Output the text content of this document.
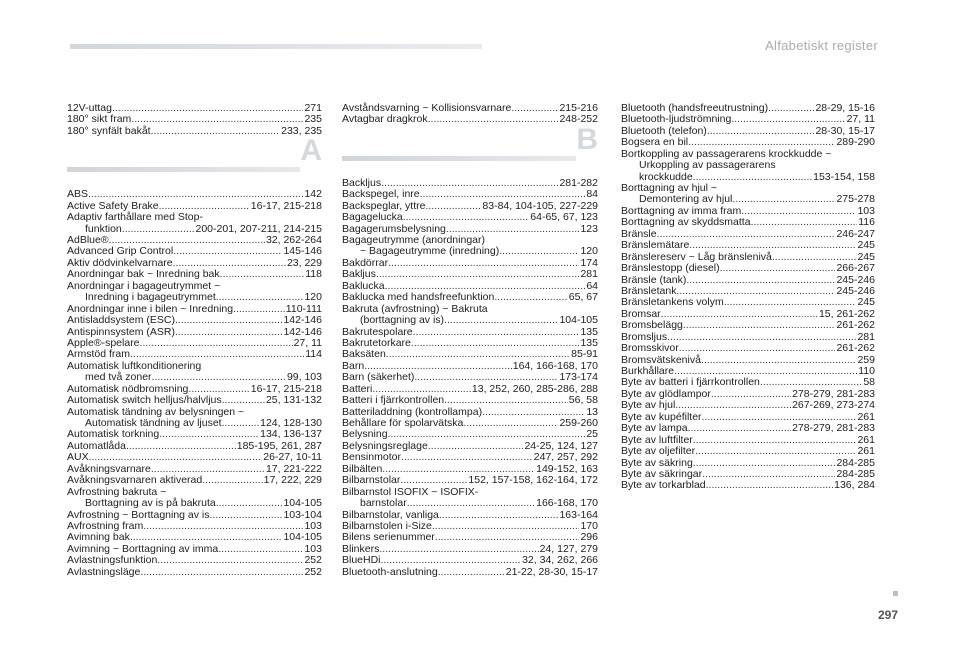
Alfabetiskt register
12V-uttag .....	271
180° sikt fram .....	235
180° synfält bakåt .....	233, 235
A
ABS .....	142
Active Safety Brake .....	16-17, 215-218
Adaptiv farthållare med Stop-
funktion .....	200-201, 207-211, 214-215
AdBlue® .....	32, 262-264
Advanced Grip Control .....	145-146
Aktiv dödvinkelvarnare .....	23, 229
Anordningar bak ~ Inredning bak .....	118
Anordningar i bagageutrymmet ~
Inredning i bagageutrymmet .....	120
Anordningar inne i bilen ~ Inredning .....	110-111
Antisladdsystem (ESC) .....	142-146
Antispinnsystem (ASR) .....	142-146
Apple®-spelare .....	27, 11
Armstöd fram .....	114
Automatisk luftkonditionering
med två zoner .....	99, 103
Automatisk nödbromsning .....	16-17, 215-218
Automatisk switch helljus/halvljus .....	25, 131-132
Automatisk tändning av belysningen ~
Automatisk tändning av ljuset .....	124, 128-130
Automatisk torkning .....	134, 136-137
Automatlåda .....	185-195, 261, 287
AUX .....	26-27, 10-11
Avåkningsvarnare .....	17, 221-222
Avåkningsvarnaren aktiverad .....	17, 222, 229
Avfrostning bakruta ~
Borttagning av is på bakruta .....	104-105
Avfrostning ~ Borttagning av is .....	103-104
Avfrostning fram .....	103
Avimning bak .....	104-105
Avimning ~ Borttagning av imma .....	103
Avlastningsfunktion .....	252
Avlastningsläge .....	252
Avståndsvarning ~ Kollisionsvarnare .....	215-216
Avtagbar dragkrok .....	248-252
B
Backljus .....	281-282
Backspegel, inre .....	84
Backspeglar, yttre .....	83-84, 104-105, 227-229
Bagagelucka .....	64-65, 67, 123
Bagagerumsbelysning .....	123
Bagageutrymme (anordningar)
~ Bagageutrymme (inredning) .....	120
Bakdörrar .....	174
Bakljus .....	281
Baklucka .....	64
Baklucka med handsfreefunktion .....	65, 67
Bakruta (avfrostning) ~ Bakruta
(borttagning av is) .....	104-105
Bakrutespolare .....	135
Bakrutetorkare .....	135
Baksäten .....	85-91
Barn .....	164, 166-168, 170
Barn (säkerhet) .....	173-174
Batteri .....	13, 252, 260, 285-286, 288
Batteri i fjärrkontrollen .....	56, 58
Batteriladdning (kontrollampa) .....	13
Behållare för spolarvätska .....	259-260
Belysning .....	25
Belysningsreglage .....	24-25, 124, 127
Bensinmotor .....	247, 257, 292
Bilbälten .....	149-152, 163
Bilbarnstolar .....	152, 157-158, 162-164, 172
Bilbarnstol ISOFIX ~ ISOFIX-
barnstolar .....	166-168, 170
Bilbarnstolar, vanliga .....	163-164
Bilbarnstolen i-Size .....	170
Bilens serienummer .....	296
Blinkers .....	24, 127, 279
BlueHDi .....	32, 34, 262, 266
Bluetooth-anslutning .....	21-22, 28-30, 15-17
Bluetooth (handsfreeutrustning) .....	28-29, 15-16
Bluetooth-ljudströmning .....	27, 11
Bluetooth (telefon) .....	28-30, 15-17
Bogsera en bil .....	289-290
Bortkoppling av passagerarens krockkudde ~
Urkoppling av passagerarens
krockkudde .....	153-154, 158
Borttagning av hjul ~
Demontering av hjul .....	275-278
Borttagning av imma fram .....	103
Borttagning av skyddsmatta .....	116
Bränsle .....	246-247
Bränslemätare .....	245
Bränslereserv ~ Låg bränslenivå .....	245
Bränslestopp (diesel) .....	266-267
Bränsle (tank) .....	245-246
Bränsletank .....	245-246
Bränsletankens volym .....	245
Bromsar .....	15, 261-262
Bromsbelägg .....	261-262
Bromsljus .....	281
Bromsskivor .....	261-262
Bromsvätskenivå .....	259
Burkhållare .....	110
Byte av batteri i fjärrkontrollen .....	58
Byte av glödlampor .....	278-279, 281-283
Byte av hjul .....	267-269, 273-274
Byte av kupéfilter .....	261
Byte av lampa .....	278-279, 281-283
Byte av luftfilter .....	261
Byte av oljefilter .....	261
Byte av säkring .....	284-285
Byte av säkringar .....	284-285
Byte av torkarblad .....	136, 284
297
